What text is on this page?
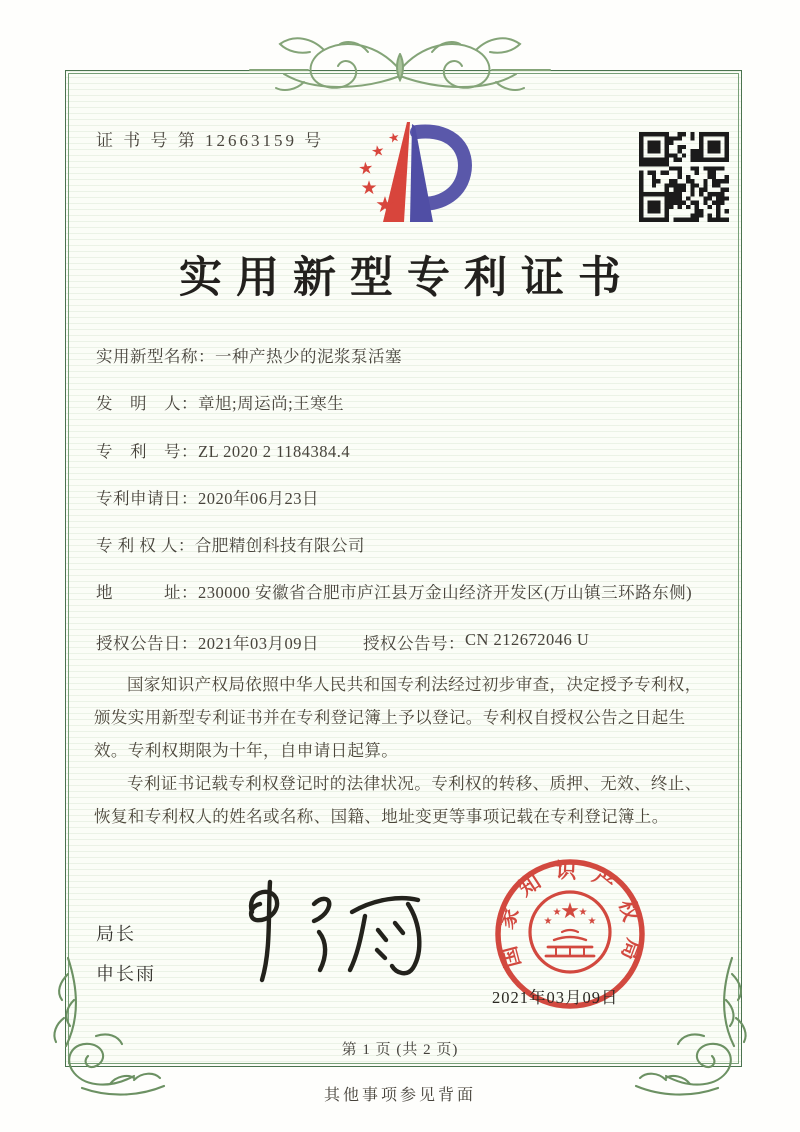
证 书 号 第 12663159 号	★
★
★
★
★
实用新型专利证书
实用新型名称： 一种产热少的泥浆泵活塞
发　明　人： 章旭;周运尚;王寒生
专　利　号： ZL 2020 2 1184384.4
专利申请日： 2020年06月23日
专 利 权 人： 合肥精创科技有限公司
地　　　址： 230000 安徽省合肥市庐江县万金山经济开发区(万山镇三环路东侧)
授权公告日： 2021年03月09日	授权公告号： CN 212672046 U

国家知识产权局依照中华人民共和国专利法经过初步审查，决定授予专利权，颁发实用新型专利证书并在专利登记簿上予以登记。专利权自授权公告之日起生效。专利权期限为十年，自申请日起算。

专利证书记载专利权登记时的法律状况。专利权的转移、质押、无效、终止、恢复和专利权人的姓名或名称、国籍、地址变更等事项记载在专利登记簿上。

局长
申长雨
国家知识产权局
★
★
★ ★
★
2021年03月09日
第 1 页 (共 2 页)
其他事项参见背面
